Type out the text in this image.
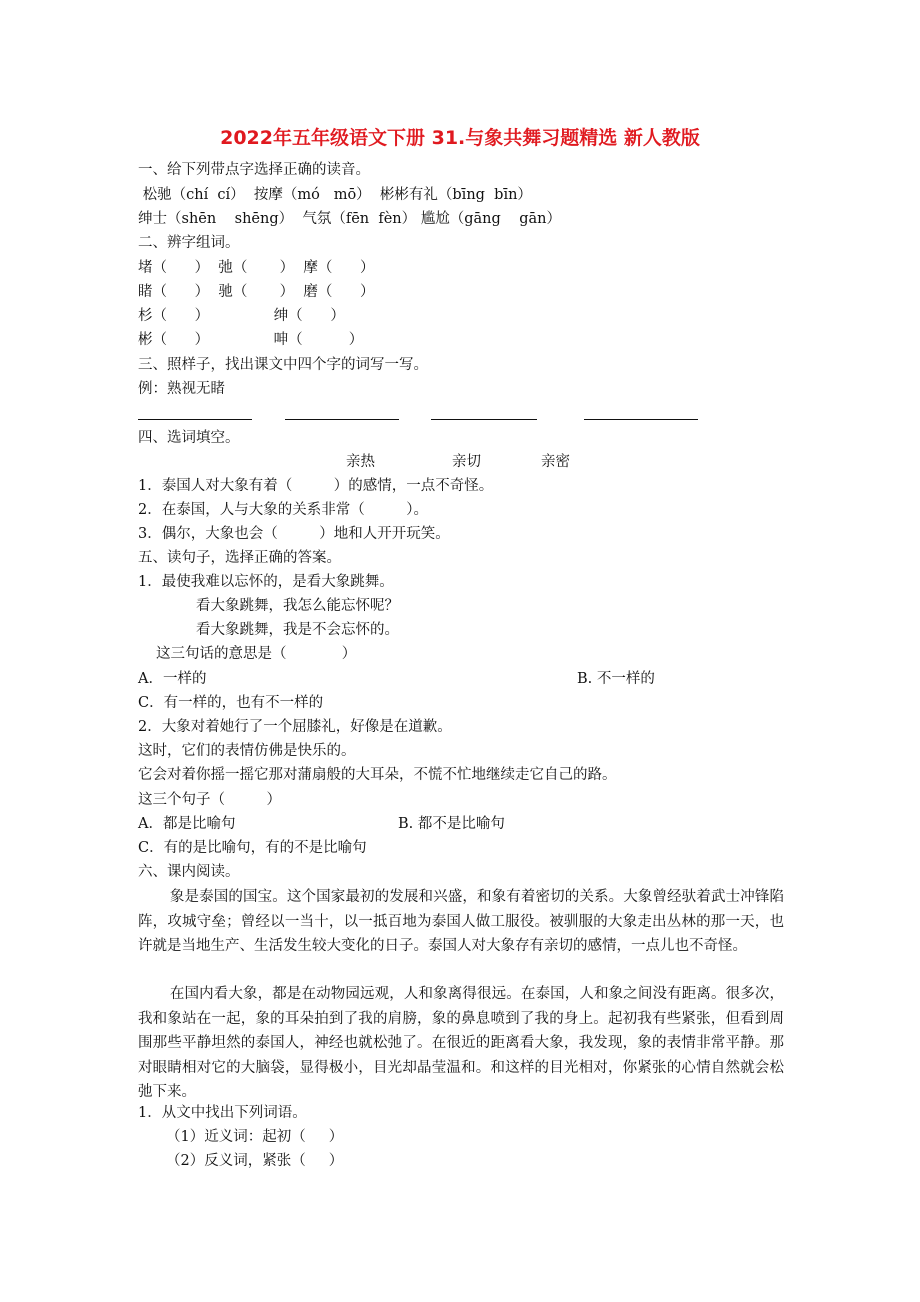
2022年五年级语文下册 31.与象共舞习题精选 新人教版
一、给下列带点字选择正确的读音。
松驰（chí  cí）  按摩（mó   mō）  彬彬有礼（bīng  bīn）
绅士（shēn    shēng）  气氛（fēn  fèn） 尴尬（gāng    gān）
二、辨字组词。
堵（      ）  弛（       ）  摩（      ）
睹（      ）  驰（       ）  磨（      ）
杉（      ）              绅（      ）
彬（      ）              呻（          ）
三、照样子，找出课文中四个字的词写一写。
例：熟视无睹
四、选词填空。
亲热	亲切	亲密
1．泰国人对大象有着（         ）的感情，一点不奇怪。
2．在泰国，人与大象的关系非常（         ）。
3．偶尔，大象也会（         ）地和人开开玩笑。
五、读句子，选择正确的答案。
1．最使我难以忘怀的，是看大象跳舞。
看大象跳舞，我怎么能忘怀呢？
看大象跳舞，我是不会忘怀的。
这三句话的意思是（            ）
A．一样的	B. 不一样的
C．有一样的，也有不一样的
2．大象对着她行了一个屈膝礼，好像是在道歉。
这时，它们的表情仿佛是快乐的。
它会对着你摇一摇它那对蒲扇般的大耳朵，不慌不忙地继续走它自己的路。
这三个句子（         ）
A．都是比喻句	B. 都不是比喻句
C．有的是比喻句，有的不是比喻句
六、课内阅读。
象是泰国的国宝。这个国家最初的发展和兴盛，和象有着密切的关系。大象曾经驮着武士冲锋陷阵，攻城守垒；曾经以一当十，以一抵百地为泰国人做工服役。被驯服的大象走出丛林的那一天，也许就是当地生产、生活发生较大变化的日子。泰国人对大象存有亲切的感情，一点儿也不奇怪。
在国内看大象，都是在动物园远观，人和象离得很远。在泰国，人和象之间没有距离。很多次，我和象站在一起，象的耳朵拍到了我的肩膀，象的鼻息喷到了我的身上。起初我有些紧张，但看到周围那些平静坦然的泰国人，神经也就松弛了。在很近的距离看大象，我发现，象的表情非常平静。那对眼睛相对它的大脑袋，显得极小，目光却晶莹温和。和这样的目光相对，你紧张的心情自然就会松弛下来。
1．从文中找出下列词语。
（1）近义词：起初（     ）
（2）反义词，紧张（     ）
